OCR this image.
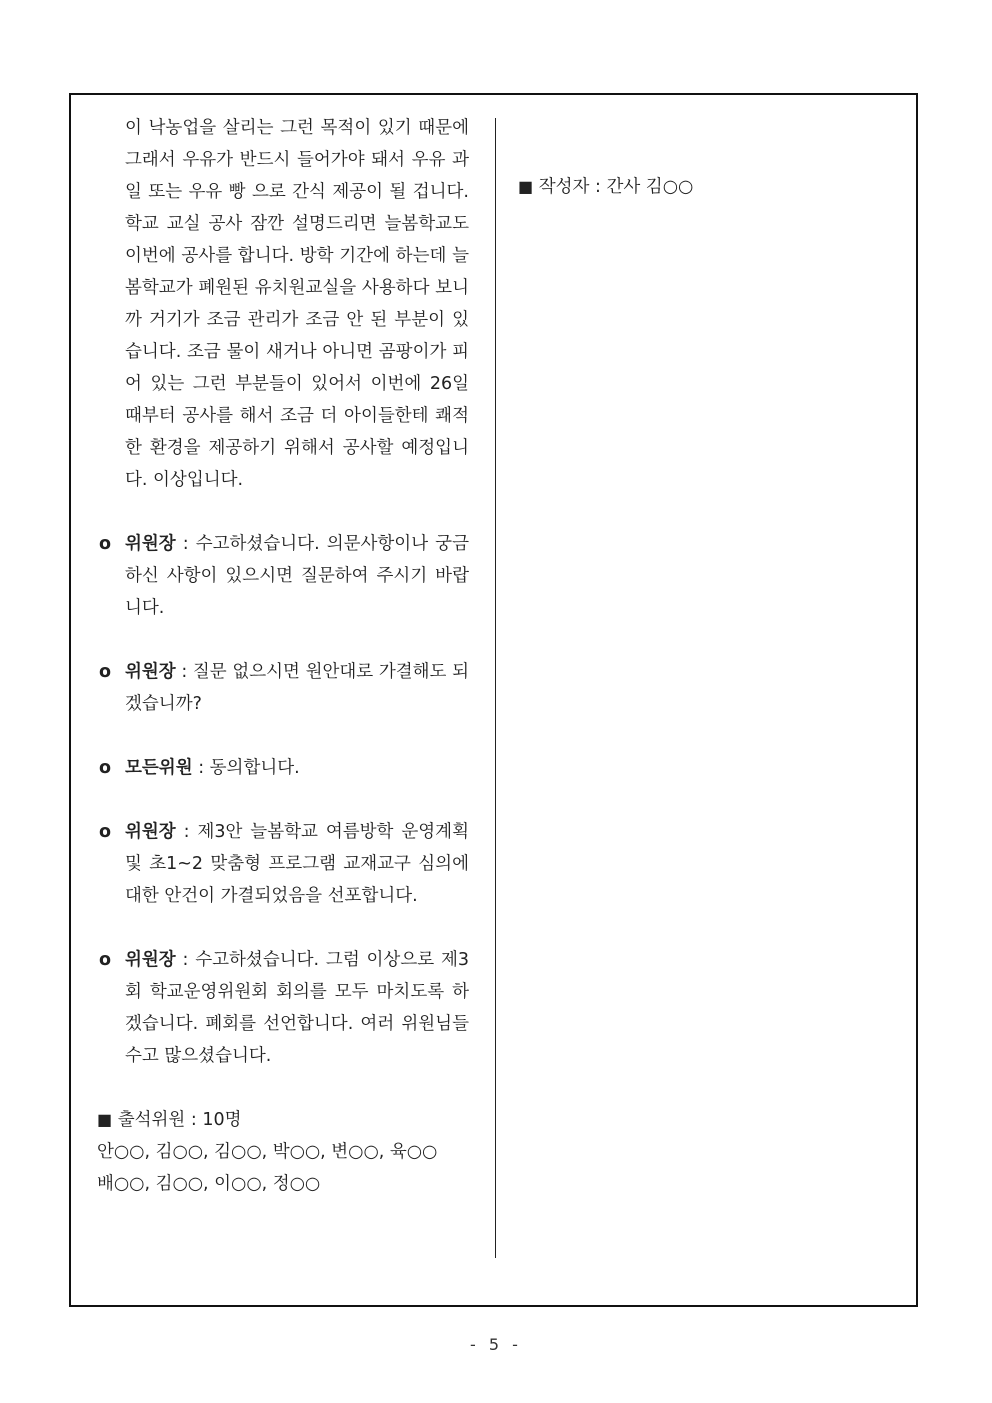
이 낙농업을 살리는 그런 목적이 있기 때문에 그래서 우유가 반드시 들어가야 돼서 우유 과일 또는 우유 빵 으로 간식 제공이 될 겁니다. 학교 교실 공사 잠깐 설명드리면 늘봄학교도 이번에 공사를 합니다. 방학 기간에 하는데 늘봄학교가 폐원된 유치원교실을 사용하다 보니까 거기가 조금 관리가 조금 안 된 부분이 있습니다. 조금 물이 새거나 아니면 곰팡이가 피어 있는 그런 부분들이 있어서 이번에 26일 때부터 공사를 해서 조금 더 아이들한테 쾌적한 환경을 제공하기 위해서 공사할 예정입니다. 이상입니다.

o 위원장 : 수고하셨습니다. 의문사항이나 궁금하신 사항이 있으시면 질문하여 주시기 바랍니다.

o 위원장 : 질문 없으시면 원안대로 가결해도 되겠습니까?

o 모든위원 : 동의합니다.

o 위원장 : 제3안 늘봄학교 여름방학 운영계획 및 초1~2 맞춤형 프로그램 교재교구 심의에 대한 안건이 가결되었음을 선포합니다.

o 위원장 : 수고하셨습니다. 그럼 이상으로 제3회 학교운영위원회 회의를 모두 마치도록 하겠습니다. 폐회를 선언합니다. 여러 위원님들 수고 많으셨습니다.

■ 출석위원 : 10명
안○○, 김○○, 김○○, 박○○, 변○○, 육○○
배○○, 김○○, 이○○, 정○○
■ 작성자 : 간사 김○○
- 5 -
